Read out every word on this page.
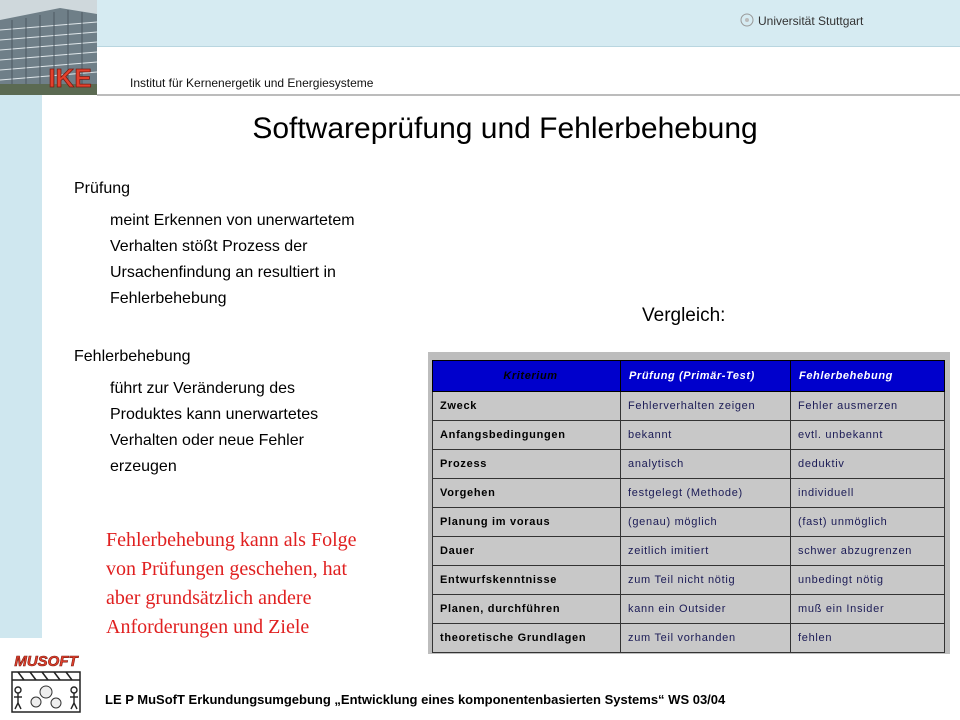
IKE
Universität Stuttgart
Institut für Kernenergetik und Energiesysteme
Softwareprüfung und Fehlerbehebung
Prüfung
meint Erkennen von unerwartetem
Verhalten stößt Prozess der
Ursachenfindung an resultiert in
Fehlerbehebung
Fehlerbehebung
führt zur Veränderung des
Produktes kann unerwartetes
Verhalten oder neue Fehler
erzeugen
Vergleich:
Fehlerbehebung kann als Folge
von Prüfungen geschehen, hat
aber grundsätzlich andere
Anforderungen und Ziele
Kriterium	Prüfung (Primär-Test)	Fehlerbehebung
Zweck	Fehlerverhalten zeigen	Fehler ausmerzen
Anfangsbedingungen	bekannt	evtl. unbekannt
Prozess	analytisch	deduktiv
Vorgehen	festgelegt (Methode)	individuell
Planung im voraus	(genau) möglich	(fast) unmöglich
Dauer	zeitlich imitiert	schwer abzugrenzen
Entwurfskenntnisse	zum Teil nicht nötig	unbedingt nötig
Planen, durchführen	kann ein Outsider	muß ein Insider
theoretische Grundlagen	zum Teil vorhanden	fehlen
MUSOFT
LE P MuSofT Erkundungsumgebung „Entwicklung eines komponentenbasierten Systems“ WS 03/04
